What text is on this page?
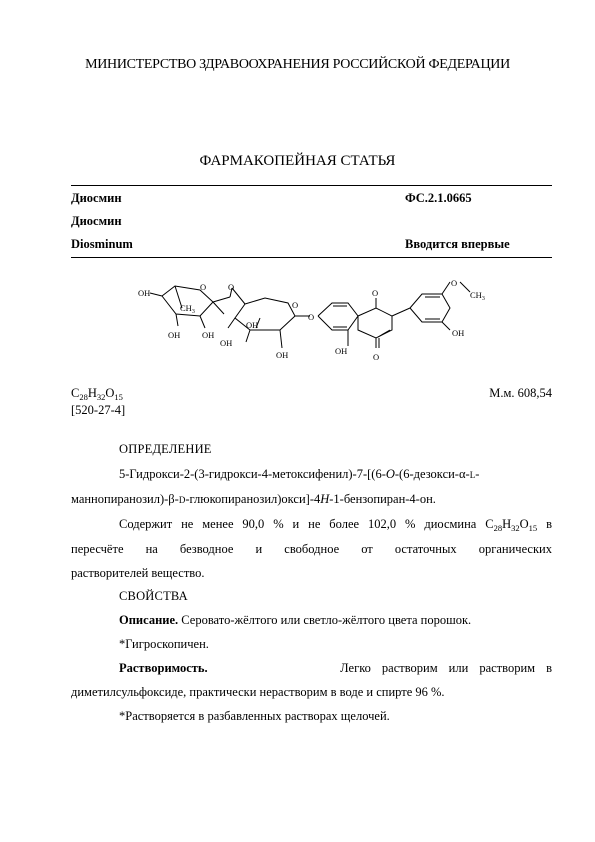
МИНИСТЕРСТВО ЗДРАВООХРАНЕНИЯ РОССИЙСКОЙ ФЕДЕРАЦИИ
ФАРМАКОПЕЙНАЯ СТАТЬЯ
Диосмин	ФС.2.1.0665
Диосмин
Diosminum	Вводится впервые
OH
$CH_3$
OH	OH
O	O
OH
OH
OH
O
O
O
OH
O
O
$CH_3$
OH
$C_{28}H_{32}O_{15}$	М.м. 608,54
[520-27-4]
ОПРЕДЕЛЕНИЕ
5-Гидрокси-2-(3-гидрокси-4-метоксифенил)-7-[(6-O-(6-дезокси-α-L-
маннопиранозил)-β-D-глюкопиранозил)окси]-4H-1-бензопиран-4-он.
Содержит не менее 90,0 % и не более 102,0 % диосмина $C_{28}H_{32}O_{15}$ в
пересчёте на безводное и свободное от остаточных органических
растворителей вещество.
СВОЙСТВА
Описание. Серовато-жёлтого или светло-жёлтого цвета порошок.
*Гигроскопичен.
Растворимость.	Легко растворим или растворим в
диметилсульфоксиде, практически нерастворим в воде и спирте 96 %.
*Растворяется в разбавленных растворах щелочей.
